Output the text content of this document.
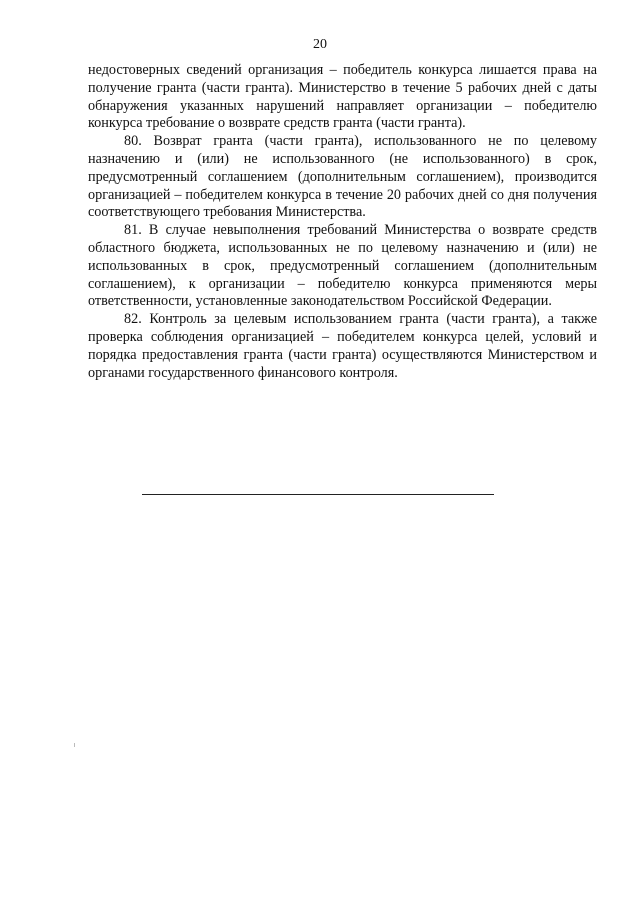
20

недостоверных сведений организация – победитель конкурса лишается права на получение гранта (части гранта). Министерство в течение 5 рабочих дней с даты обнаружения указанных нарушений направляет организации – победителю конкурса требование о возврате средств гранта (части гранта).

80. Возврат гранта (части гранта), использованного не по целевому назначению и (или) не использованного (не использованного) в срок, предусмотренный соглашением (дополнительным соглашением), производится организацией – победителем конкурса в течение 20 рабочих дней со дня получения соответствующего требования Министерства.

81. В случае невыполнения требований Министерства о возврате средств областного бюджета, использованных не по целевому назначению и (или) не использованных в срок, предусмотренный соглашением (дополнительным соглашением), к организации – победителю конкурса применяются меры ответственности, установленные законодательством Российской Федерации.

82. Контроль за целевым использованием гранта (части гранта), а также проверка соблюдения организацией – победителем конкурса целей, условий и порядка предоставления гранта (части гранта) осуществляются Министерством и органами государственного финансового контроля.
